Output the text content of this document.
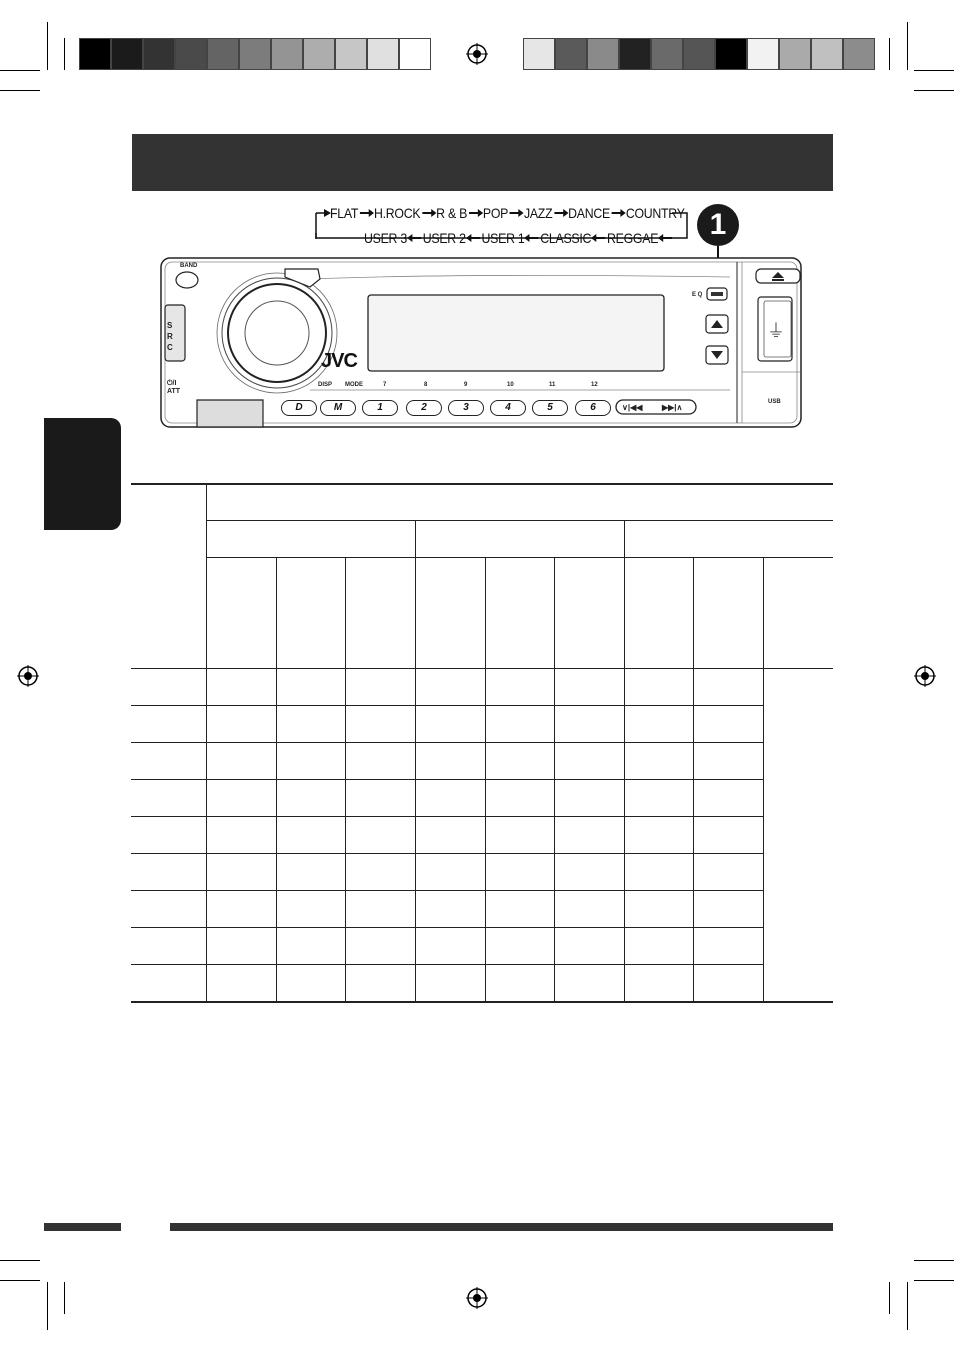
FLAT H.ROCK R & B POP JAZZ DANCE COUNTRY
USER 3 USER 2 USER 1 CLASSIC REGGAE	1
⏚
JVC
BAND
S R C
⏻/I ATT
E Q
USB
DISP MODE	7	8	9	10	11	12
D	M	1	2	3	4	5	6	∨|◀◀ ▶▶|∧
